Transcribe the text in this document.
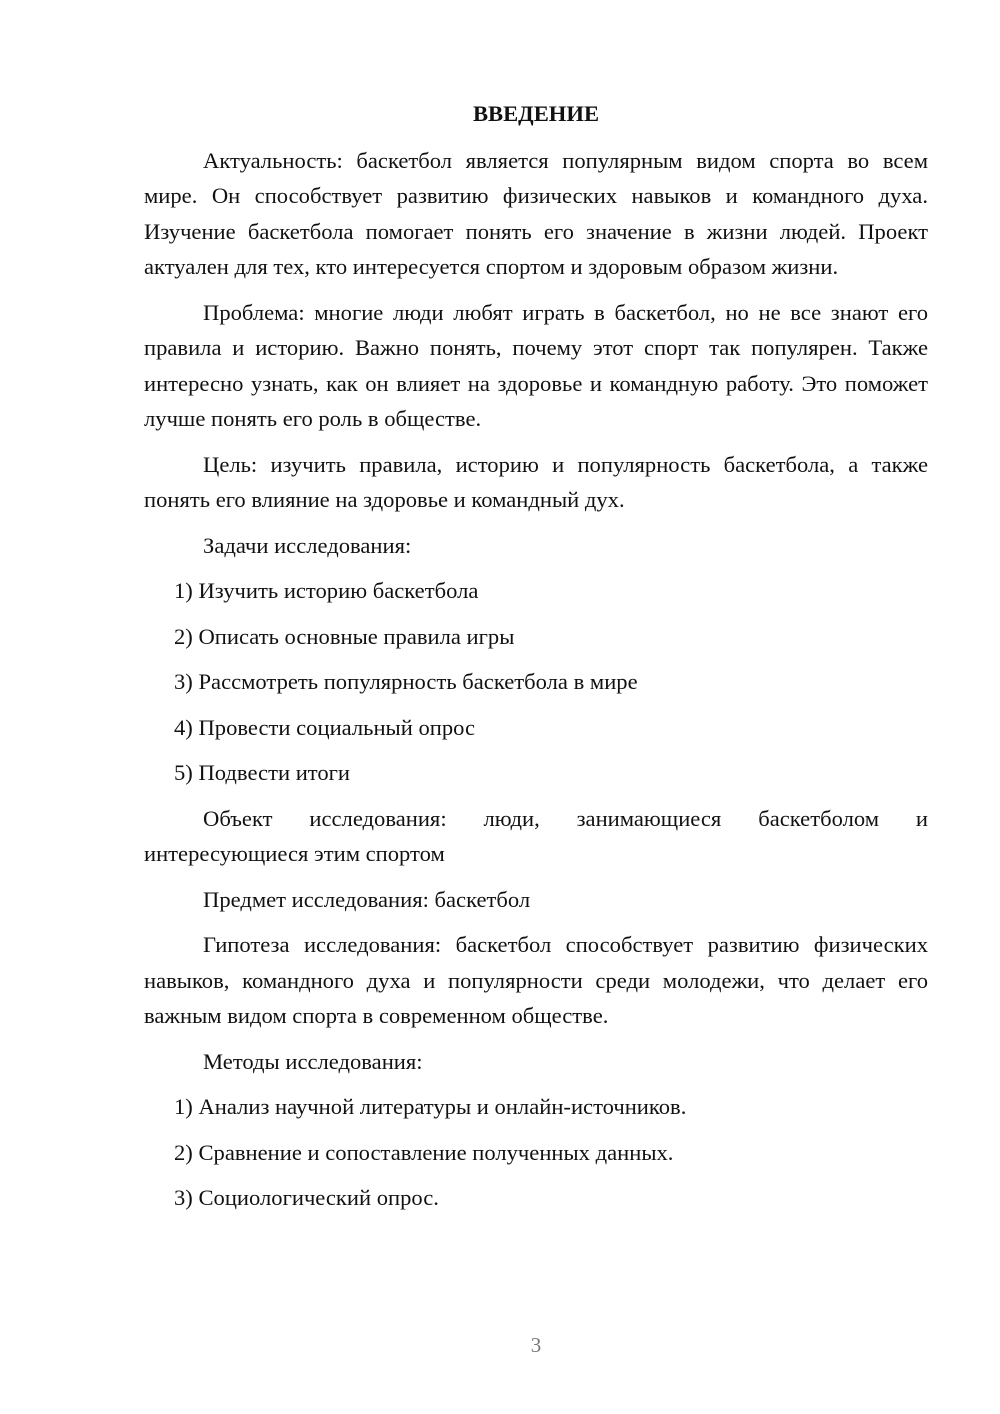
ВВЕДЕНИЕ

Актуальность: баскетбол является популярным видом спорта во всем мире. Он способствует развитию физических навыков и командного духа. Изучение баскетбола помогает понять его значение в жизни людей. Проект актуален для тех, кто интересуется спортом и здоровым образом жизни.

Проблема: многие люди любят играть в баскетбол, но не все знают его правила и историю. Важно понять, почему этот спорт так популярен. Также интересно узнать, как он влияет на здоровье и командную работу. Это поможет лучше понять его роль в обществе.

Цель: изучить правила, историю и популярность баскетбола, а также понять его влияние на здоровье и командный дух.

Задачи исследования:

1) Изучить историю баскетбола
2) Описать основные правила игры
3) Рассмотреть популярность баскетбола в мире
4) Провести социальный опрос
5) Подвести итоги

Объект исследования: люди, занимающиеся баскетболом и интересующиеся этим спортом

Предмет исследования: баскетбол

Гипотеза исследования: баскетбол способствует развитию физических навыков, командного духа и популярности среди молодежи, что делает его важным видом спорта в современном обществе.

Методы исследования:

1) Анализ научной литературы и онлайн-источников.
2) Сравнение и сопоставление полученных данных.
3) Социологический опрос.
3
